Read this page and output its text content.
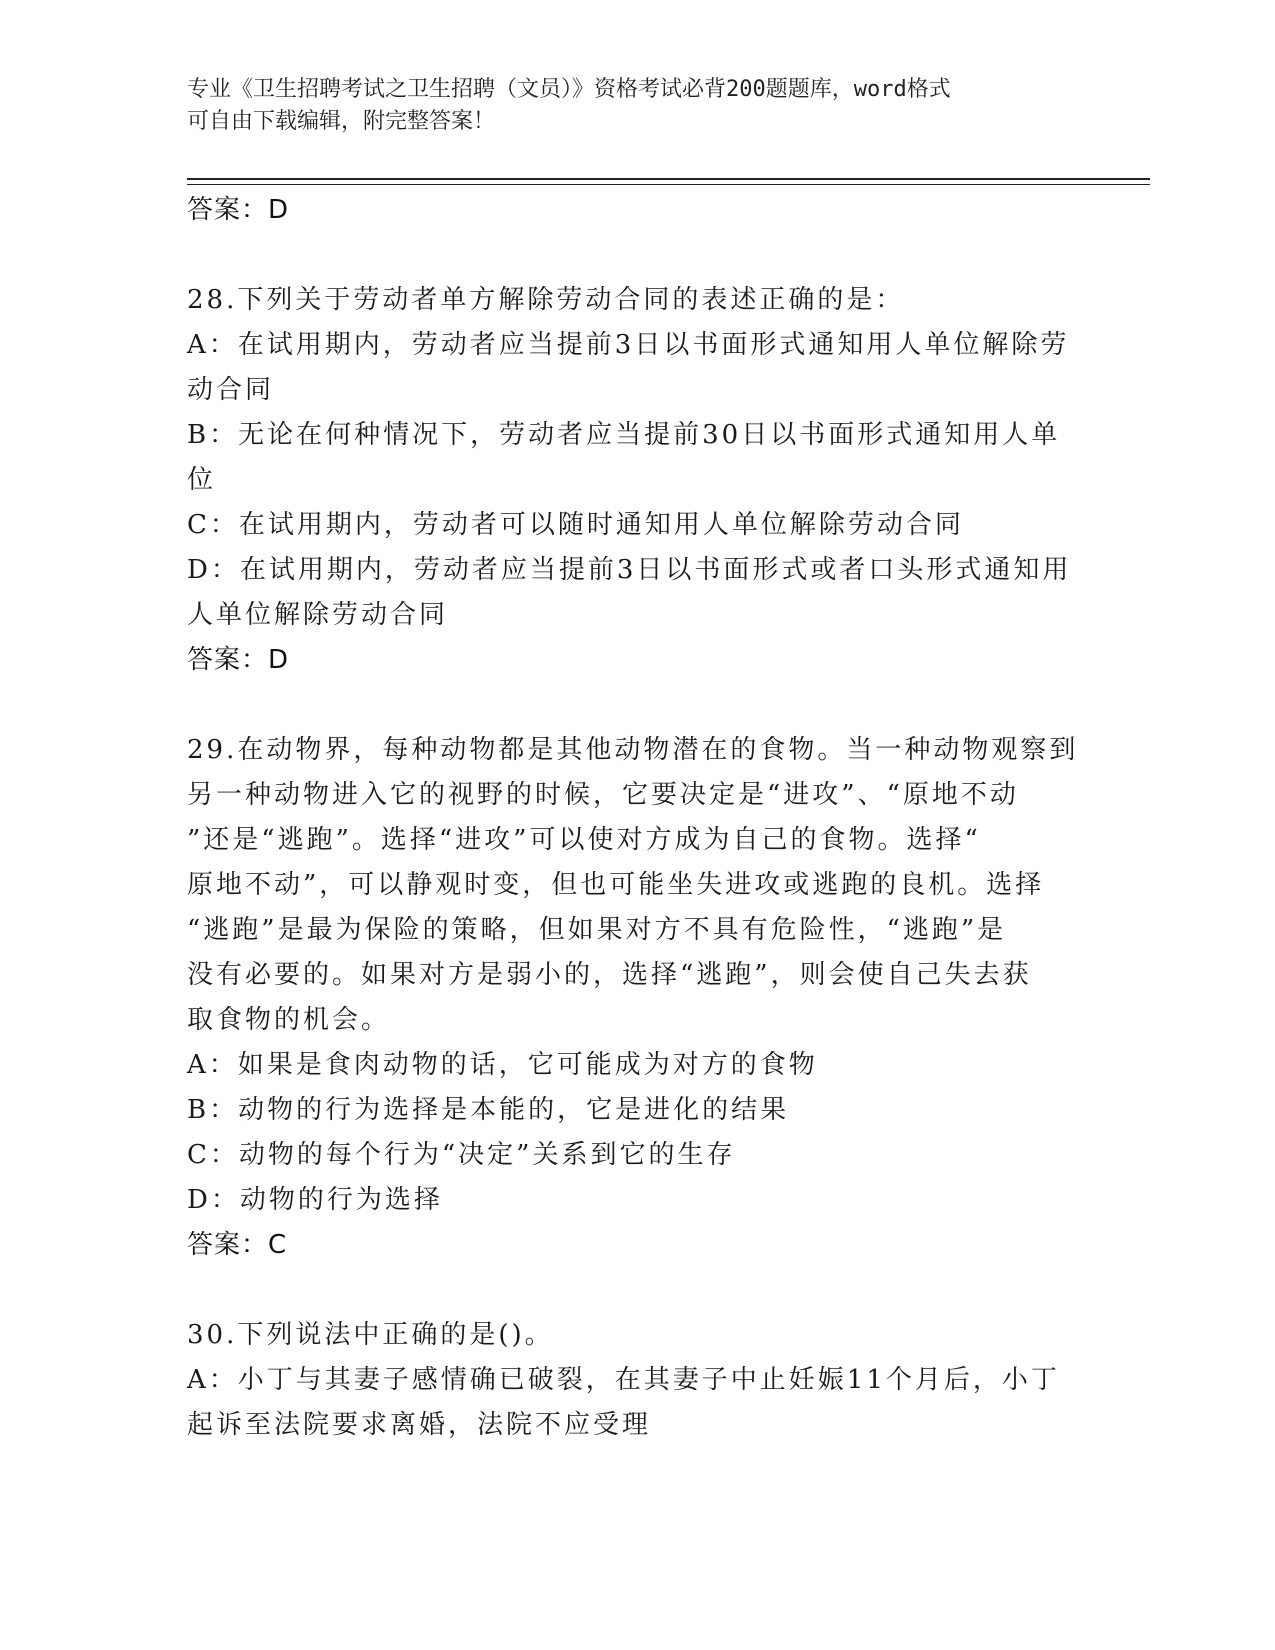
专业《卫生招聘考试之卫生招聘（文员）》资格考试必背200题题库，word格式
可自由下载编辑，附完整答案！
答案：D
28.下列关于劳动者单方解除劳动合同的表述正确的是：
A：在试用期内，劳动者应当提前3日以书面形式通知用人单位解除劳
动合同
B：无论在何种情况下，劳动者应当提前30日以书面形式通知用人单
位
C：在试用期内，劳动者可以随时通知用人单位解除劳动合同
D：在试用期内，劳动者应当提前3日以书面形式或者口头形式通知用
人单位解除劳动合同
答案：D
29.在动物界，每种动物都是其他动物潜在的食物。当一种动物观察到
另一种动物进入它的视野的时候，它要决定是“进攻”、“原地不动
”还是“逃跑”。选择“进攻”可以使对方成为自己的食物。选择“
原地不动”，可以静观时变，但也可能坐失进攻或逃跑的良机。选择
“逃跑”是最为保险的策略，但如果对方不具有危险性，“逃跑”是
没有必要的。如果对方是弱小的，选择“逃跑”，则会使自己失去获
取食物的机会。
A：如果是食肉动物的话，它可能成为对方的食物
B：动物的行为选择是本能的，它是进化的结果
C：动物的每个行为“决定”关系到它的生存
D：动物的行为选择
答案：C
30.下列说法中正确的是()。
A：小丁与其妻子感情确已破裂，在其妻子中止妊娠11个月后，小丁
起诉至法院要求离婚，法院不应受理
